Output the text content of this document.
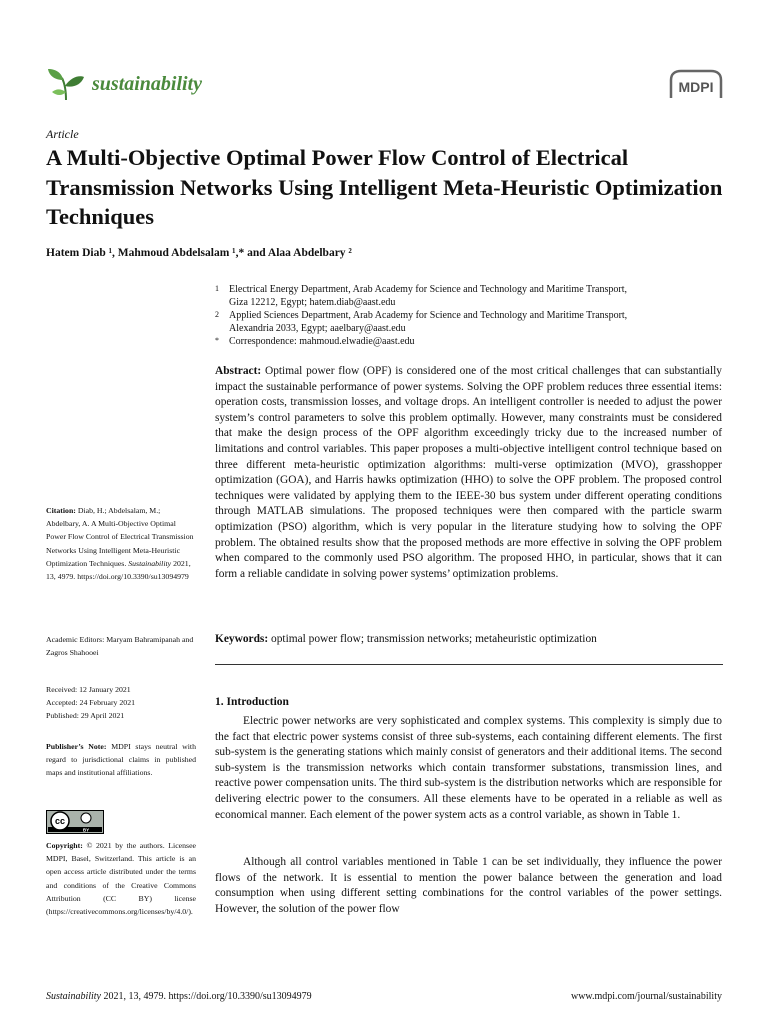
sustainability	MDPI
Article
A Multi-Objective Optimal Power Flow Control of Electrical Transmission Networks Using Intelligent Meta-Heuristic Optimization Techniques
Hatem Diab ¹, Mahmoud Abdelsalam ¹,* and Alaa Abdelbary ²
1 Electrical Energy Department, Arab Academy for Science and Technology and Maritime Transport,
Giza 12212, Egypt; hatem.diab@aast.edu
2 Applied Sciences Department, Arab Academy for Science and Technology and Maritime Transport,
Alexandria 2033, Egypt; aaelbary@aast.edu
* Correspondence: mahmoud.elwadie@aast.edu

Abstract: Optimal power flow (OPF) is considered one of the most critical challenges that can substantially impact the sustainable performance of power systems. Solving the OPF problem reduces three essential items: operation costs, transmission losses, and voltage drops. An intelligent controller is needed to adjust the power system’s control parameters to solve this problem optimally. However, many constraints must be considered that make the design process of the OPF algorithm exceedingly tricky due to the increased number of limitations and control variables. This paper proposes a multi-objective intelligent control technique based on three different meta-heuristic optimization algorithms: multi-verse optimization (MVO), grasshopper optimization (GOA), and Harris hawks optimization (HHO) to solve the OPF problem. The proposed control techniques were validated by applying them to the IEEE-30 bus system under different operating conditions through MATLAB simulations. The proposed techniques were then compared with the particle swarm optimization (PSO) algorithm, which is very popular in the literature studying how to solving the OPF problem. The obtained results show that the proposed methods are more effective in solving the OPF problem when compared to the commonly used PSO algorithm. The proposed HHO, in particular, shows that it can form a reliable candidate in solving power systems’ optimization problems.

Keywords: optimal power flow; transmission networks; metaheuristic optimization
1. Introduction

Electric power networks are very sophisticated and complex systems. This complexity is simply due to the fact that electric power systems consist of three sub-systems, each containing different elements. The first sub-system is the generating stations which mainly consist of generators and their additional items. The second sub-system is the transmission networks which contain transformer substations, transmission lines, and reactive power compensation units. The third sub-system is the distribution networks which are responsible for delivering electric power to the consumers. All these elements have to be operated in a reliable as well as economical manner. Each element of the power system acts as a control variable, as shown in Table 1.

Although all control variables mentioned in Table 1 can be set individually, they influence the power flows of the network. It is essential to mention the power balance between the generation and load consumption when using different setting combinations for the control variables of the power settings. However, the solution of the power flow

Citation: Diab, H.; Abdelsalam, M.; Abdelbary, A. A Multi-Objective Optimal Power Flow Control of Electrical Transmission Networks Using Intelligent Meta-Heuristic Optimization Techniques. Sustainability 2021, 13, 4979. https://doi.org/10.3390/su13094979

Academic Editors: Maryam Bahramipanah and Zagros Shahooei

Received: 12 January 2021
Accepted: 24 February 2021
Published: 29 April 2021

Publisher’s Note: MDPI stays neutral with regard to jurisdictional claims in published maps and institutional affiliations.

cc
BY

Copyright: © 2021 by the authors. Licensee MDPI, Basel, Switzerland. This article is an open access article distributed under the terms and conditions of the Creative Commons Attribution (CC BY) license (https://creativecommons.org/licenses/by/4.0/).

Sustainability 2021, 13, 4979. https://doi.org/10.3390/su13094979	www.mdpi.com/journal/sustainability
